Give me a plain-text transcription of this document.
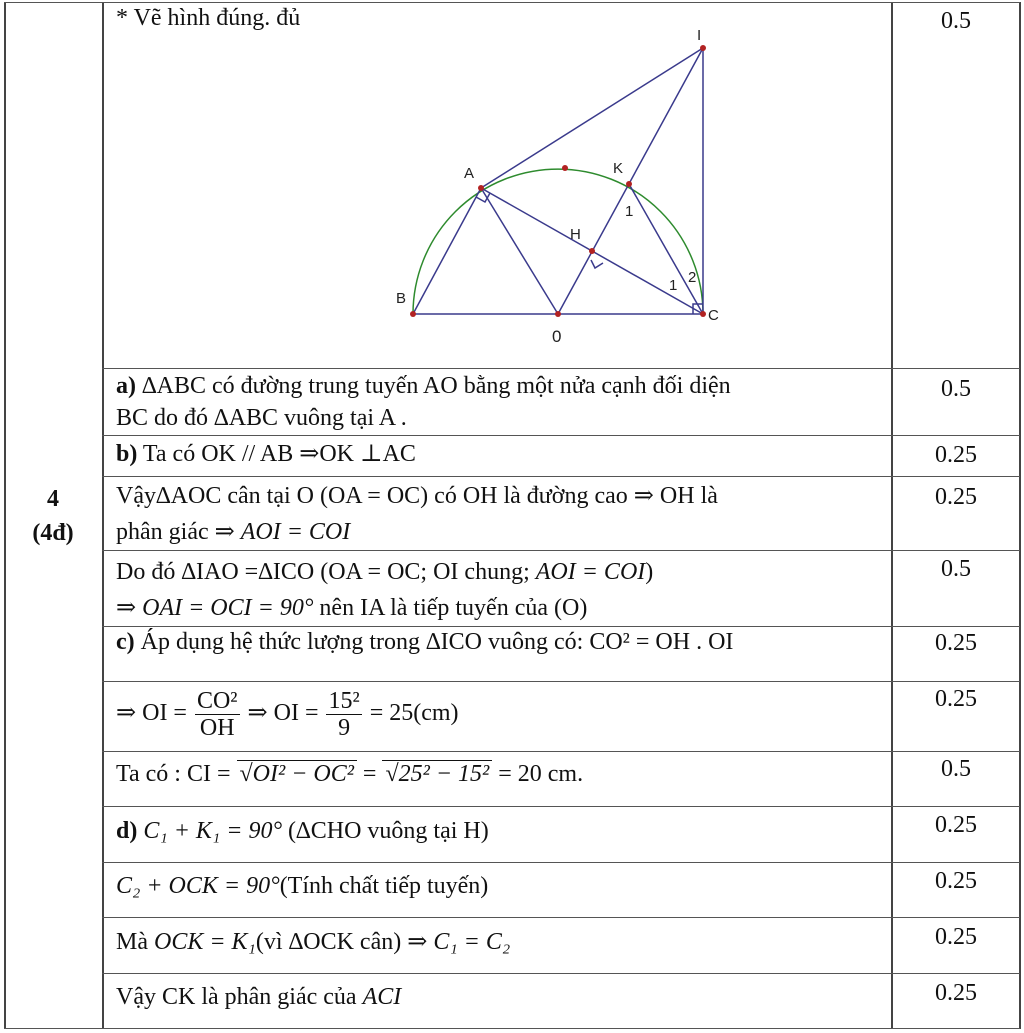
4
(4đ)
* Vẽ hình đúng. đủ	0.5
I
A	K
H
B
0
C
1
1 2
a) ∆ABC có đường trung tuyến AO bằng một nửa cạnh đối diện
BC do đó ∆ABC vuông tại A .
0.5
b) Ta có OK // AB ⇒OK ⊥AC	0.25
Vậy∆AOC cân tại O (OA = OC) có OH là đường cao ⇒ OH là
phân giác ⇒ AOI = COI
0.25
Do đó ∆IAO =∆ICO (OA = OC; OI chung; AOI = COI)
⇒ OAI = OCI = 90° nên IA là tiếp tuyến của (O)
0.5
c) Áp dụng hệ thức lượng trong ∆ICO vuông có: CO² = OH . OI	0.25
⇒ OI = $\frac{\text{CO²}}{OH}$ ⇒ OI = $\frac{\text{15²}}{9} = 25(cm)$
0.25
Ta có : CI = √OI² − OC² = √25² − 15² = 20 cm.	0.5
d) C₁ + K₁ = 90° (∆CHO vuông tại H)	0.25
C₂ + OCK = 90°(Tính chất tiếp tuyến)	0.25
Mà OCK = K₁(vì ∆OCK cân) ⇒ C₁ = C₂	0.25
Vậy CK là phân giác của ACI	0.25
